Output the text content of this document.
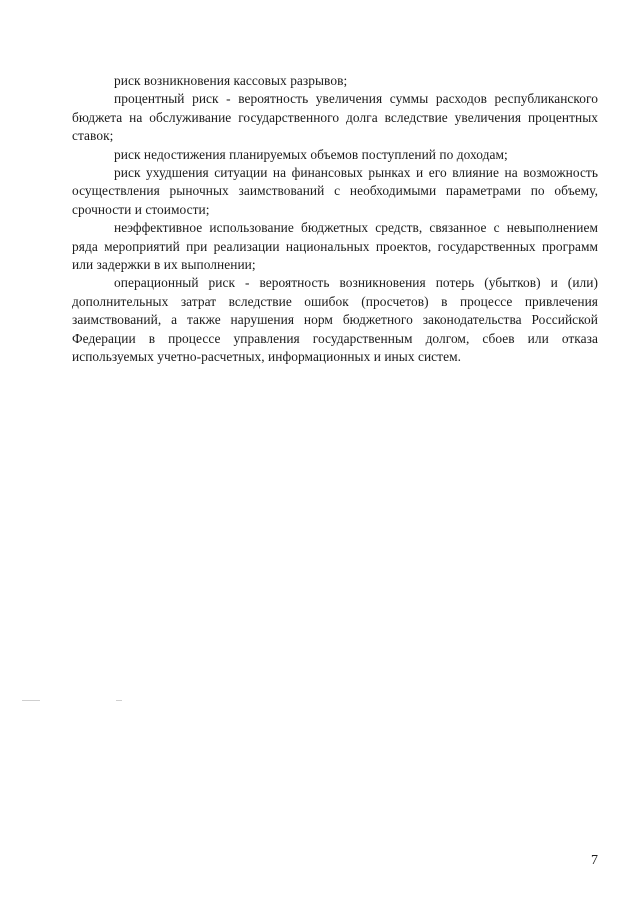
риск возникновения кассовых разрывов;

процентный риск - вероятность увеличения суммы расходов республиканского бюджета на обслуживание государственного долга вследствие увеличения процентных ставок;

риск недостижения планируемых объемов поступлений по доходам;

риск ухудшения ситуации на финансовых рынках и его влияние на возможность осуществления рыночных заимствований с необходимыми параметрами по объему, срочности и стоимости;

неэффективное использование бюджетных средств, связанное с невыполнением ряда мероприятий при реализации национальных проектов, государственных программ или задержки в их выполнении;

операционный риск - вероятность возникновения потерь (убытков) и (или) дополнительных затрат вследствие ошибок (просчетов) в процессе привлечения заимствований, а также нарушения норм бюджетного законодательства Российской Федерации в процессе управления государственным долгом, сбоев или отказа используемых учетно-расчетных, информационных и иных систем.

7
